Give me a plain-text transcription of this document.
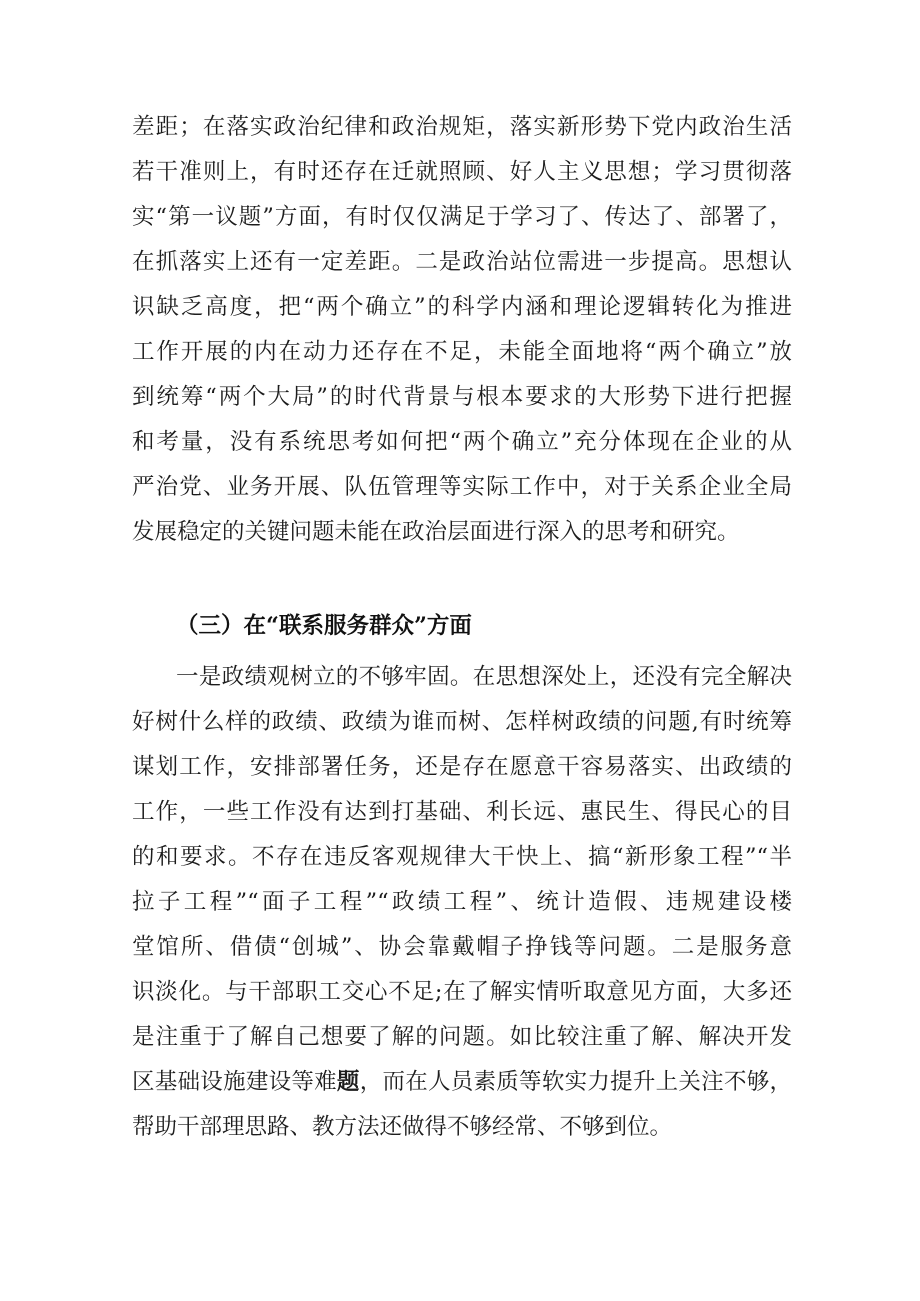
差距；在落实政治纪律和政治规矩，落实新形势下党内政治生活

若干准则上，有时还存在迁就照顾、好人主义思想；学习贯彻落

实“第一议题”方面，有时仅仅满足于学习了、传达了、部署了，

在抓落实上还有一定差距。二是政治站位需进一步提高。思想认

识缺乏高度，把“两个确立”的科学内涵和理论逻辑转化为推进

工作开展的内在动力还存在不足，未能全面地将“两个确立”放

到统筹“两个大局”的时代背景与根本要求的大形势下进行把握

和考量，没有系统思考如何把“两个确立”充分体现在企业的从

严治党、业务开展、队伍管理等实际工作中，对于关系企业全局

发展稳定的关键问题未能在政治层面进行深入的思考和研究。

（三）在“联系服务群众”方面

一是政绩观树立的不够牢固。在思想深处上，还没有完全解决

好树什么样的政绩、政绩为谁而树、怎样树政绩的问题,有时统筹

谋划工作，安排部署任务，还是存在愿意干容易落实、出政绩的

工作，一些工作没有达到打基础、利长远、惠民生、得民心的目

的和要求。不存在违反客观规律大干快上、搞“新形象工程”“半

拉子工程”“面子工程”“政绩工程”、统计造假、违规建设楼

堂馆所、借债“创城”、协会靠戴帽子挣钱等问题。二是服务意

识淡化。与干部职工交心不足;在了解实情听取意见方面，大多还

是注重于了解自己想要了解的问题。如比较注重了解、解决开发

区基础设施建设等难题，而在人员素质等软实力提升上关注不够，

帮助干部理思路、教方法还做得不够经常、不够到位。
